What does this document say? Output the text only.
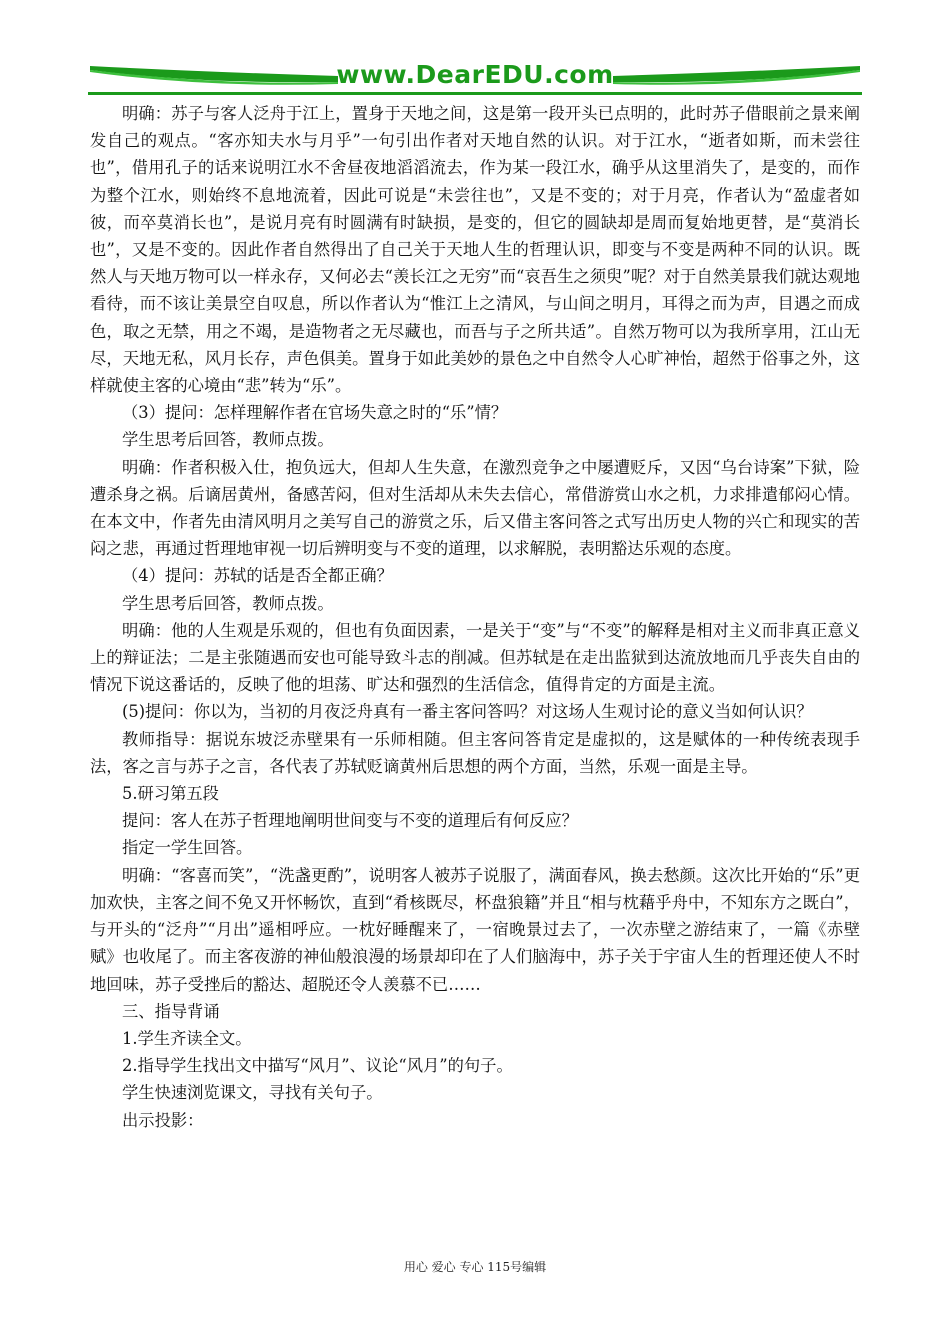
www.DearEDU.com

明确：苏子与客人泛舟于江上，置身于天地之间，这是第一段开头已点明的，此时苏子借眼前之景来阐发自己的观点。“客亦知夫水与月乎”一句引出作者对天地自然的认识。对于江水，“逝者如斯，而未尝往也”，借用孔子的话来说明江水不舍昼夜地滔滔流去，作为某一段江水，确乎从这里消失了，是变的，而作为整个江水，则始终不息地流着，因此可说是“未尝往也”，又是不变的；对于月亮，作者认为“盈虚者如彼，而卒莫消长也”，是说月亮有时圆满有时缺损，是变的，但它的圆缺却是周而复始地更替，是“莫消长也”，又是不变的。因此作者自然得出了自己关于天地人生的哲理认识，即变与不变是两种不同的认识。既然人与天地万物可以一样永存，又何必去“羡长江之无穷”而“哀吾生之须臾”呢？对于自然美景我们就达观地看待，而不该让美景空自叹息，所以作者认为“惟江上之清风，与山间之明月，耳得之而为声，目遇之而成色，取之无禁，用之不竭，是造物者之无尽藏也，而吾与子之所共适”。自然万物可以为我所享用，江山无尽，天地无私，风月长存，声色俱美。置身于如此美妙的景色之中自然令人心旷神怡，超然于俗事之外，这样就使主客的心境由“悲”转为“乐”。

（3）提问：怎样理解作者在官场失意之时的“乐”情？

学生思考后回答，教师点拨。

明确：作者积极入仕，抱负远大，但却人生失意，在激烈竞争之中屡遭贬斥，又因“乌台诗案”下狱，险遭杀身之祸。后谪居黄州，备感苦闷，但对生活却从未失去信心，常借游赏山水之机，力求排遣郁闷心情。在本文中，作者先由清风明月之美写自己的游赏之乐，后又借主客问答之式写出历史人物的兴亡和现实的苦闷之悲，再通过哲理地审视一切后辨明变与不变的道理，以求解脱，表明豁达乐观的态度。

（4）提问：苏轼的话是否全都正确？

学生思考后回答，教师点拨。

明确：他的人生观是乐观的，但也有负面因素，一是关于“变”与“不变”的解释是相对主义而非真正意义上的辩证法；二是主张随遇而安也可能导致斗志的削减。但苏轼是在走出监狱到达流放地而几乎丧失自由的情况下说这番话的，反映了他的坦荡、旷达和强烈的生活信念，值得肯定的方面是主流。

(5)提问：你以为，当初的月夜泛舟真有一番主客问答吗？对这场人生观讨论的意义当如何认识？

教师指导：据说东坡泛赤壁果有一乐师相随。但主客问答肯定是虚拟的，这是赋体的一种传统表现手法，客之言与苏子之言，各代表了苏轼贬谪黄州后思想的两个方面，当然，乐观一面是主导。

5.研习第五段

提问：客人在苏子哲理地阐明世间变与不变的道理后有何反应？

指定一学生回答。

明确：“客喜而笑”，“洗盏更酌”，说明客人被苏子说服了，满面春风，换去愁颜。这次比开始的“乐”更加欢快，主客之间不免又开怀畅饮，直到“肴核既尽，杯盘狼籍”并且“相与枕藉乎舟中，不知东方之既白”，与开头的“泛舟”“月出”遥相呼应。一枕好睡醒来了，一宿晚景过去了，一次赤壁之游结束了，一篇《赤壁赋》也收尾了。而主客夜游的神仙般浪漫的场景却印在了人们脑海中，苏子关于宇宙人生的哲理还使人不时地回味，苏子受挫后的豁达、超脱还令人羡慕不已……

三、指导背诵

1.学生齐读全文。

2.指导学生找出文中描写“风月”、议论“风月”的句子。

学生快速浏览课文，寻找有关句子。

出示投影：

用心 爱心 专心 115号编辑
